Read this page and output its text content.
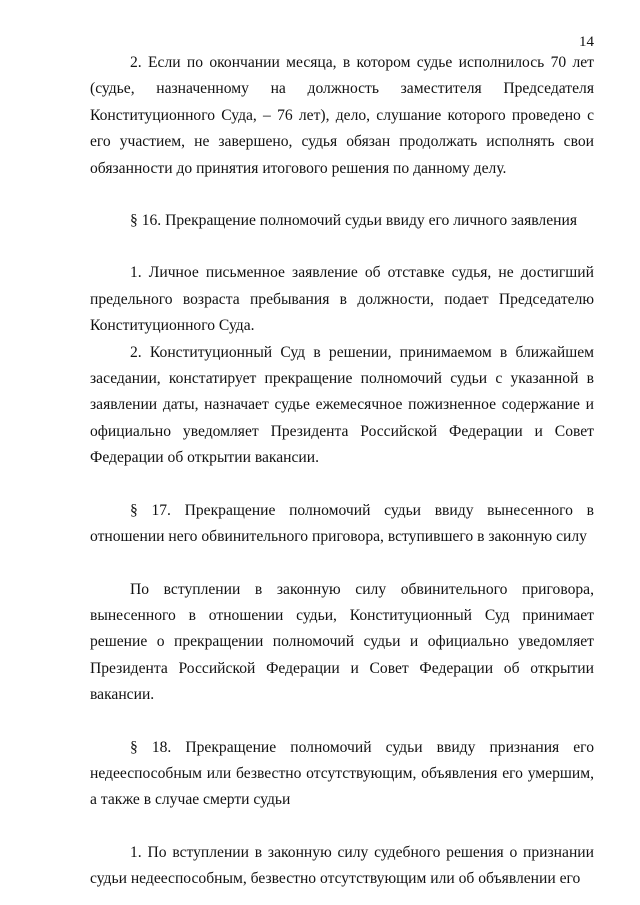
14

2. Если по окончании месяца, в котором судье исполнилось 70 лет (судье, назначенному на должность заместителя Председателя Конституционного Суда, – 76 лет), дело, слушание которого проведено с его участием, не завершено, судья обязан продолжать исполнять свои обязанности до принятия итогового решения по данному делу.

§ 16. Прекращение полномочий судьи ввиду его личного заявления

1. Личное письменное заявление об отставке судья, не достигший предельного возраста пребывания в должности, подает Председателю Конституционного Суда.

2. Конституционный Суд в решении, принимаемом в ближайшем заседании, констатирует прекращение полномочий судьи с указанной в заявлении даты, назначает судье ежемесячное пожизненное содержание и официально уведомляет Президента Российской Федерации и Совет Федерации об открытии вакансии.

§ 17. Прекращение полномочий судьи ввиду вынесенного в отношении него обвинительного приговора, вступившего в законную силу

По вступлении в законную силу обвинительного приговора, вынесенного в отношении судьи, Конституционный Суд принимает решение о прекращении полномочий судьи и официально уведомляет Президента Российской Федерации и Совет Федерации об открытии вакансии.

§ 18. Прекращение полномочий судьи ввиду признания его недееспособным или безвестно отсутствующим, объявления его умершим, а также в случае смерти судьи

1. По вступлении в законную силу судебного решения о признании судьи недееспособным, безвестно отсутствующим или об объявлении его
